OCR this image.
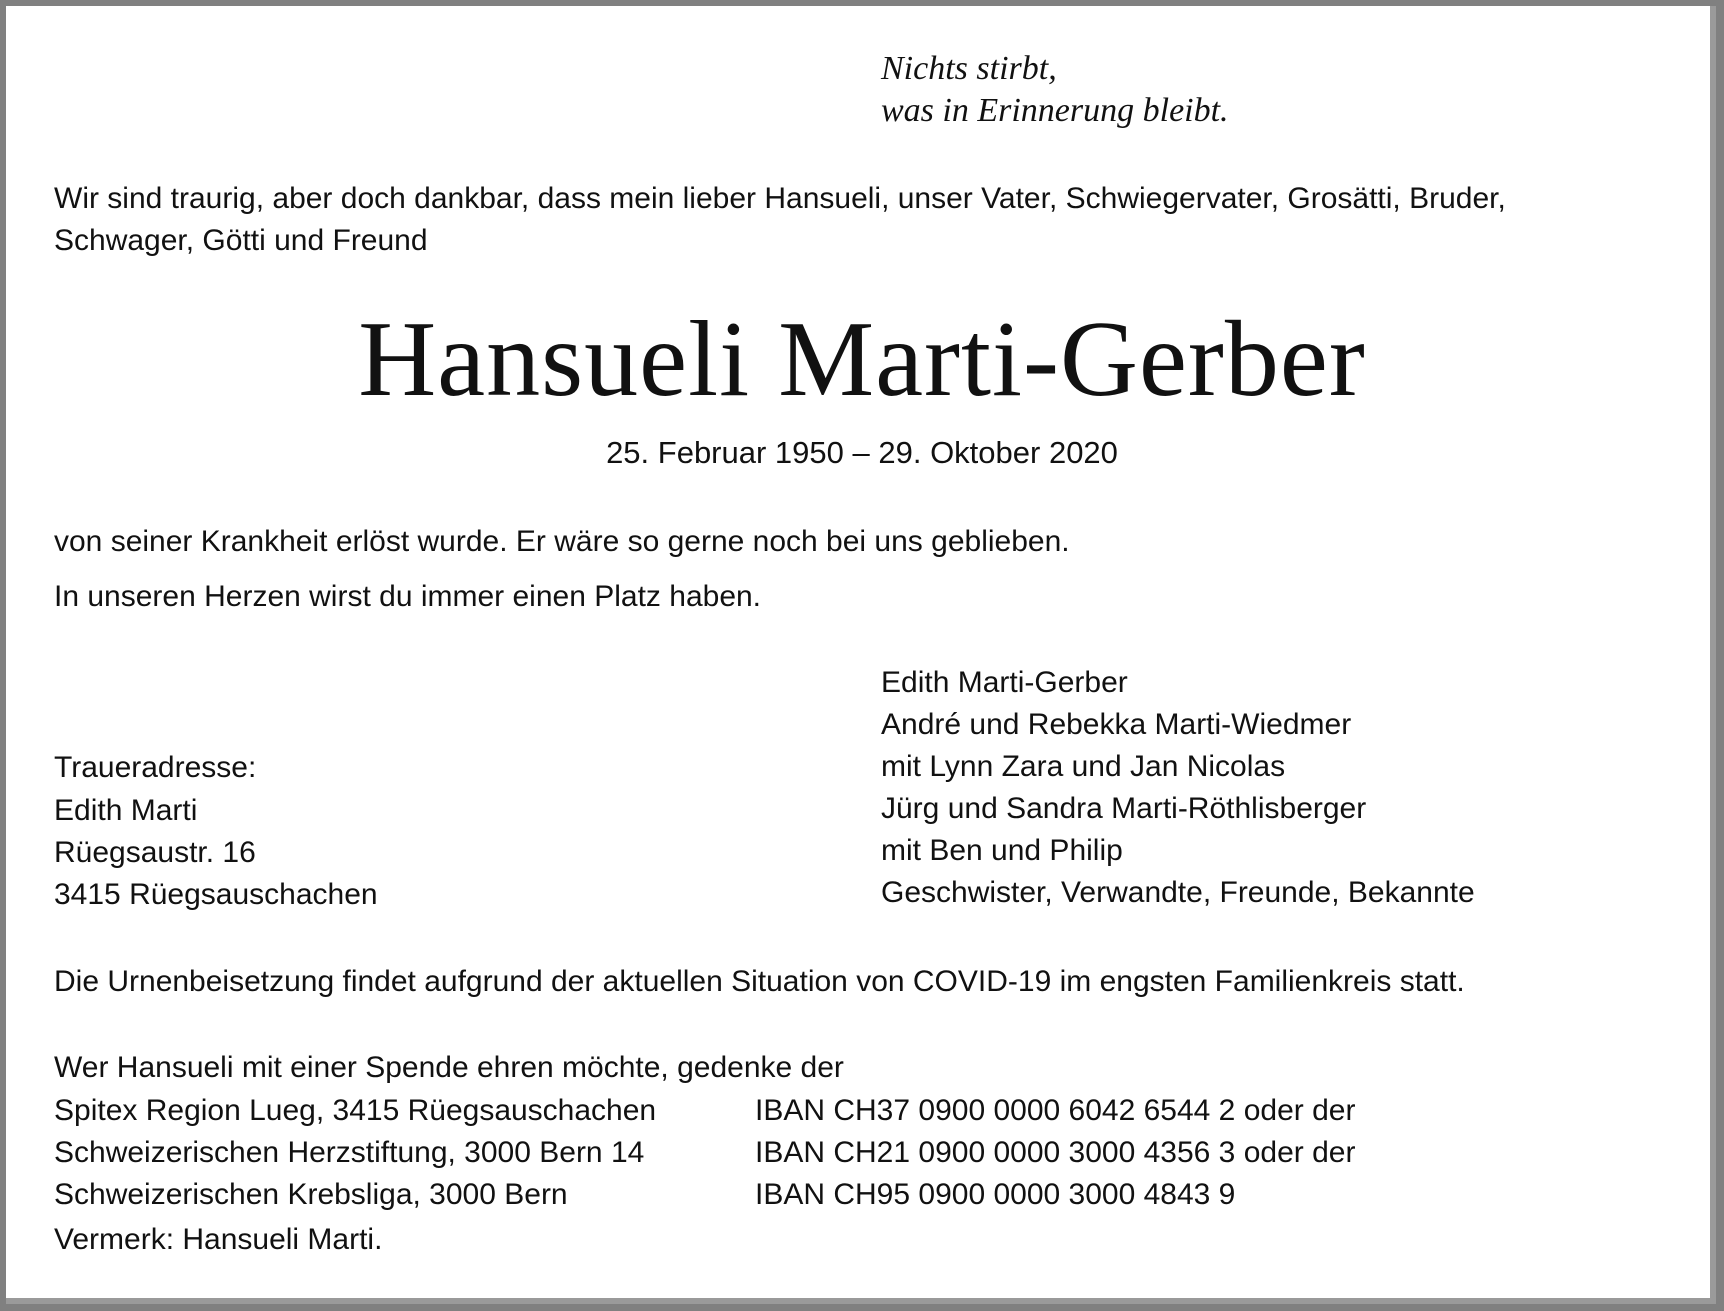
Nichts stirbt,
was in Erinnerung bleibt.
Wir sind traurig, aber doch dankbar, dass mein lieber Hansueli, unser Vater, Schwiegervater, Grosätti, Bruder,
Schwager, Götti und Freund
Hansueli Marti-Gerber
25. Februar 1950 – 29. Oktober 2020
von seiner Krankheit erlöst wurde. Er wäre so gerne noch bei uns geblieben.
In unseren Herzen wirst du immer einen Platz haben.
Traueradresse:
Edith Marti
Rüegsaustr. 16
3415 Rüegsauschachen
Edith Marti-Gerber
André und Rebekka Marti-Wiedmer
mit Lynn Zara und Jan Nicolas
Jürg und Sandra Marti-Röthlisberger
mit Ben und Philip
Geschwister, Verwandte, Freunde, Bekannte
Die Urnenbeisetzung findet aufgrund der aktuellen Situation von COVID-19 im engsten Familienkreis statt.
Wer Hansueli mit einer Spende ehren möchte, gedenke der
Spitex Region Lueg, 3415 Rüegsauschachen
Schweizerischen Herzstiftung, 3000 Bern 14
Schweizerischen Krebsliga, 3000 Bern
IBAN CH37 0900 0000 6042 6544 2 oder der
IBAN CH21 0900 0000 3000 4356 3 oder der
IBAN CH95 0900 0000 3000 4843 9
Vermerk: Hansueli Marti.
